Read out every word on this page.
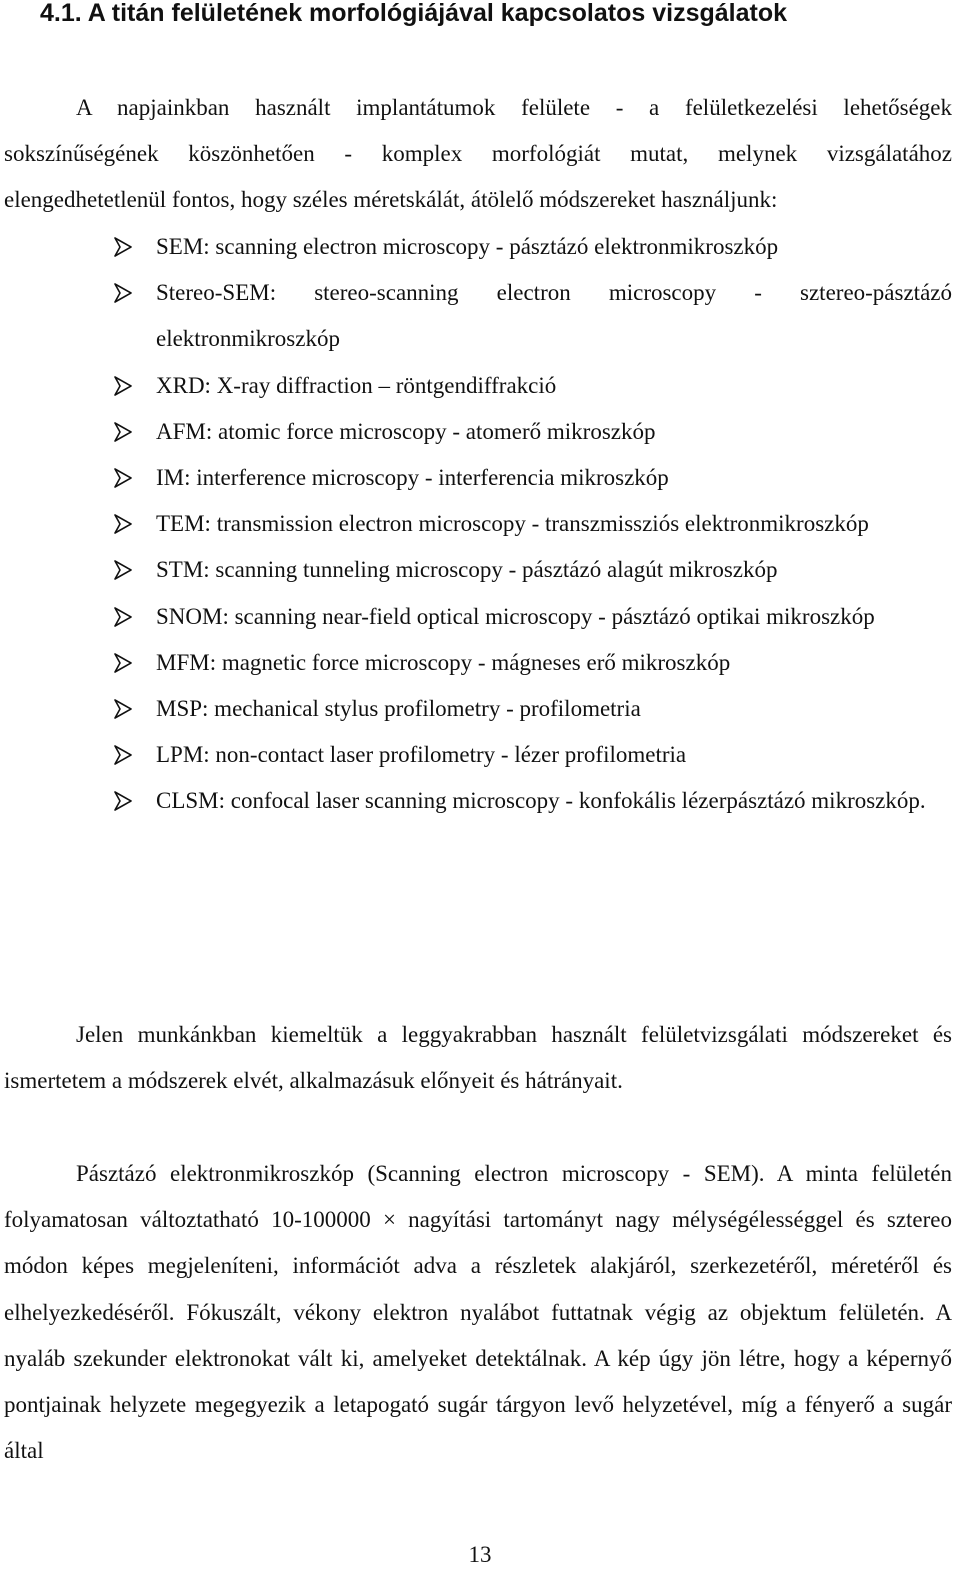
4.1. A titán felületének morfológiájával kapcsolatos vizsgálatok

A napjainkban használt implantátumok felülete - a felületkezelési lehetőségek sokszínűségének köszönhetően - komplex morfológiát mutat, melynek vizsgálatához elengedhetetlenül fontos, hogy széles méretskálát, átölelő módszereket használjunk:

SEM: scanning electron microscopy - pásztázó elektronmikroszkóp
Stereo-SEM: stereo-scanning electron microscopy - sztereo-pásztázó elektronmikroszkóp
XRD: X-ray diffraction – röntgendiffrakció
AFM: atomic force microscopy - atomerő mikroszkóp
IM: interference microscopy - interferencia mikroszkóp
TEM: transmission electron microscopy - transzmissziós elektronmikroszkóp
STM: scanning tunneling microscopy - pásztázó alagút mikroszkóp
SNOM: scanning near-field optical microscopy - pásztázó optikai mikroszkóp
MFM: magnetic force microscopy - mágneses erő mikroszkóp
MSP: mechanical stylus profilometry - profilometria
LPM: non-contact laser profilometry - lézer profilometria
CLSM: confocal laser scanning microscopy - konfokális lézerpásztázó mikroszkóp.

Jelen munkánkban kiemeltük a leggyakrabban használt felületvizsgálati módszereket és ismertetem a módszerek elvét, alkalmazásuk előnyeit és hátrányait.

Pásztázó elektronmikroszkóp (Scanning electron microscopy - SEM). A minta felületén folyamatosan változtatható 10-100000 × nagyítási tartományt nagy mélységélességgel és sztereo módon képes megjeleníteni, információt adva a részletek alakjáról, szerkezetéről, méretéről és elhelyezkedéséről. Fókuszált, vékony elektron nyalábot futtatnak végig az objektum felületén. A nyaláb szekunder elektronokat vált ki, amelyeket detektálnak. A kép úgy jön létre, hogy a képernyő pontjainak helyzete megegyezik a letapogató sugár tárgyon levő helyzetével, míg a fényerő a sugár által

13
